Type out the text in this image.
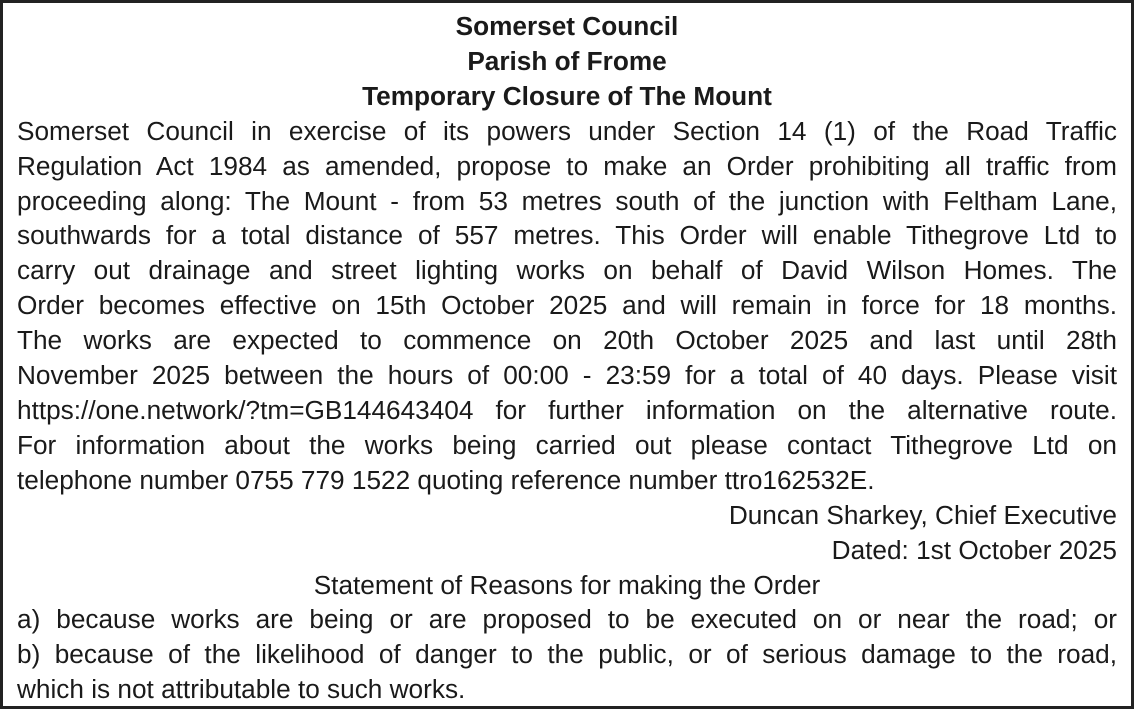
Somerset Council

Parish of Frome

Temporary Closure of The Mount

Somerset Council in exercise of its powers under Section 14 (1) of the Road Traffic
Regulation Act 1984 as amended, propose to make an Order prohibiting all traffic from
proceeding along: The Mount - from 53 metres south of the junction with Feltham Lane,
southwards for a total distance of 557 metres. This Order will enable Tithegrove Ltd to
carry out drainage and street lighting works on behalf of David Wilson Homes. The
Order becomes effective on 15th October 2025 and will remain in force for 18 months.
The works are expected to commence on 20th October 2025 and last until 28th
November 2025 between the hours of 00:00 - 23:59 for a total of 40 days. Please visit
https://one.network/?tm=GB144643404 for further information on the alternative route.
For information about the works being carried out please contact Tithegrove Ltd on
telephone number 0755 779 1522 quoting reference number ttro162532E.

Duncan Sharkey, Chief Executive

Dated: 1st October 2025

Statement of Reasons for making the Order

a) because works are being or are proposed to be executed on or near the road; or
b) because of the likelihood of danger to the public, or of serious damage to the road,
which is not attributable to such works.
